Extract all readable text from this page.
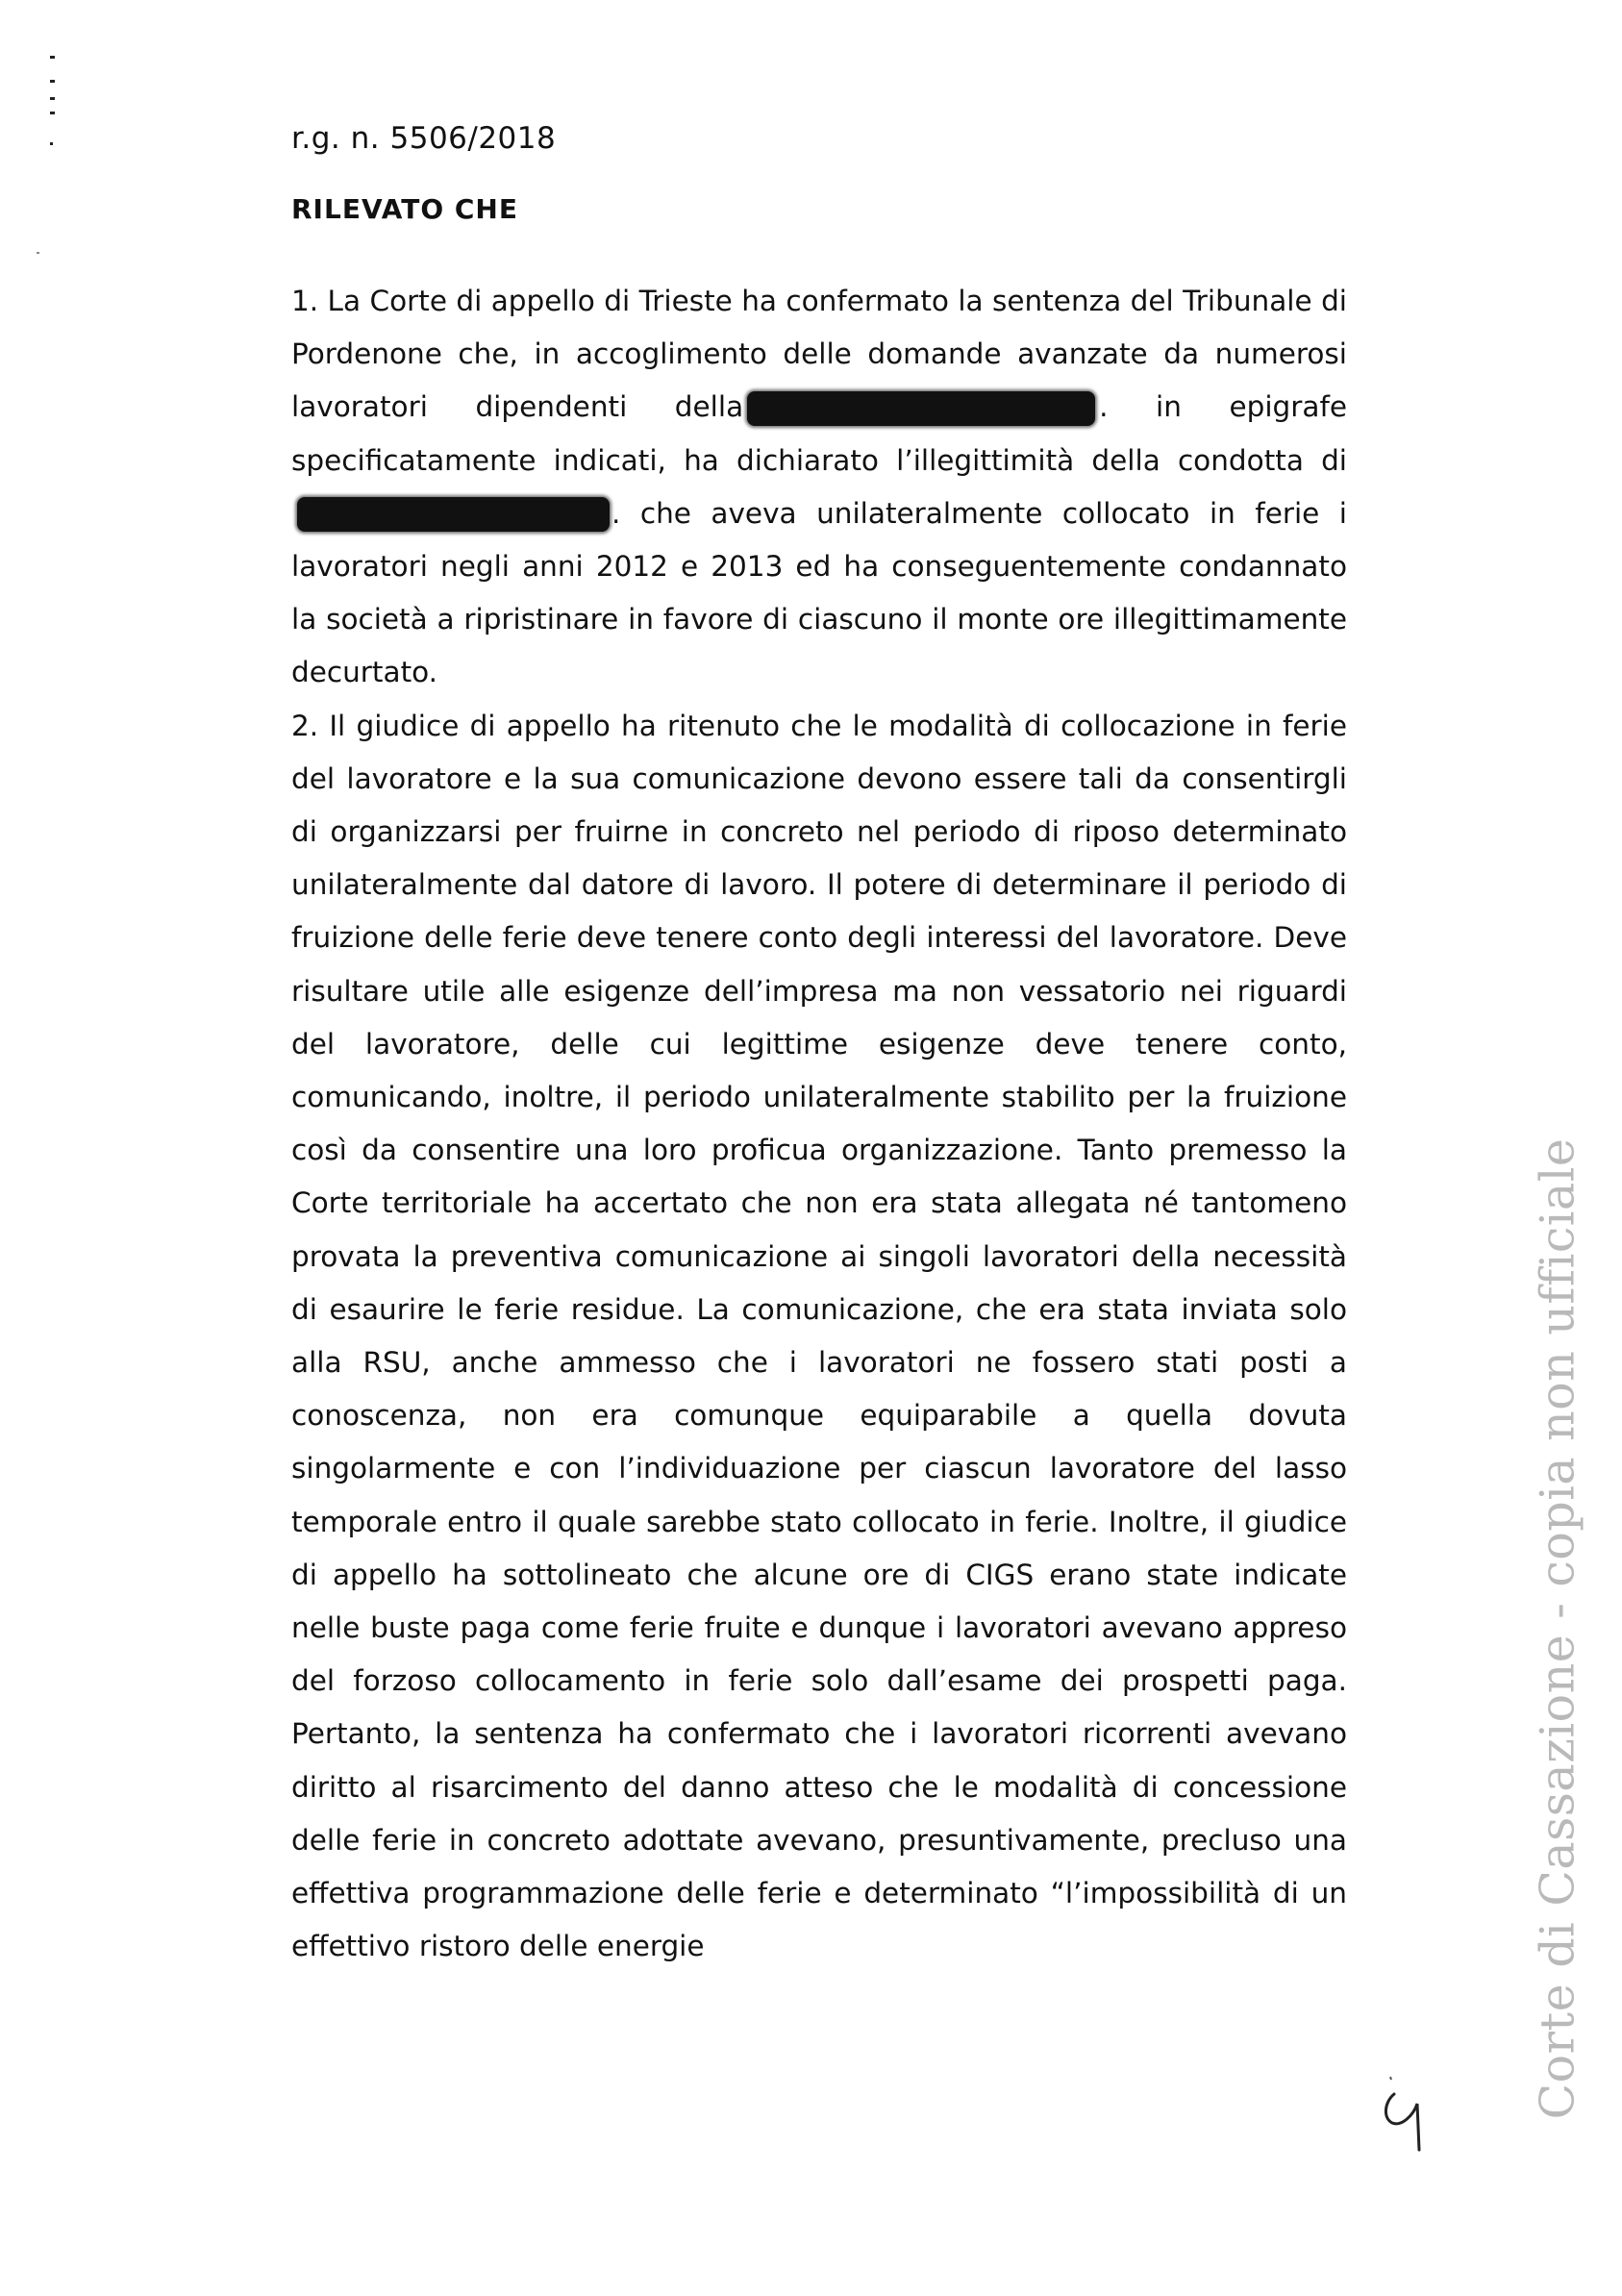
r.g. n. 5506/2018
RILEVATO CHE

1. La Corte di appello di Trieste ha confermato la sentenza del Tribunale di Pordenone che, in accoglimento delle domande avanzate da numerosi lavoratori dipendenti della	. in epigrafe specificatamente indicati, ha dichiarato l’illegittimità della condotta di . che aveva unilateralmente collocato in ferie i lavoratori negli anni 2012 e 2013 ed ha conseguentemente condannato la società a ripristinare in favore di ciascuno il monte ore illegittimamente decurtato.

2. Il giudice di appello ha ritenuto che le modalità di collocazione in ferie del lavoratore e la sua comunicazione devono essere tali da consentirgli di organizzarsi per fruirne in concreto nel periodo di riposo determinato unilateralmente dal datore di lavoro. Il potere di determinare il periodo di fruizione delle ferie deve tenere conto degli interessi del lavoratore. Deve risultare utile alle esigenze dell’impresa ma non vessatorio nei riguardi del lavoratore, delle cui legittime esigenze deve tenere conto, comunicando, inoltre, il periodo unilateralmente stabilito per la fruizione così da consentire una loro proficua organizzazione. Tanto premesso la Corte territoriale ha accertato che non era stata allegata né tantomeno provata la preventiva comunicazione ai singoli lavoratori della necessità di esaurire le ferie residue. La comunicazione, che era stata inviata solo alla RSU, anche ammesso che i lavoratori ne fossero stati posti a conoscenza, non era comunque equiparabile a quella dovuta singolarmente e con l’individuazione per ciascun lavoratore del lasso temporale entro il quale sarebbe stato collocato in ferie. Inoltre, il giudice di appello ha sottolineato che alcune ore di CIGS erano state indicate nelle buste paga come ferie fruite e dunque i lavoratori avevano appreso del forzoso collocamento in ferie solo dall’esame dei prospetti paga. Pertanto, la sentenza ha confermato che i lavoratori ricorrenti avevano diritto al risarcimento del danno atteso che le modalità di concessione delle ferie in concreto adottate avevano, presuntivamente, precluso una effettiva programmazione delle ferie e determinato “l’impossibilità di un effettivo ristoro delle energie	Corte di Cassazione - copia non ufficiale
